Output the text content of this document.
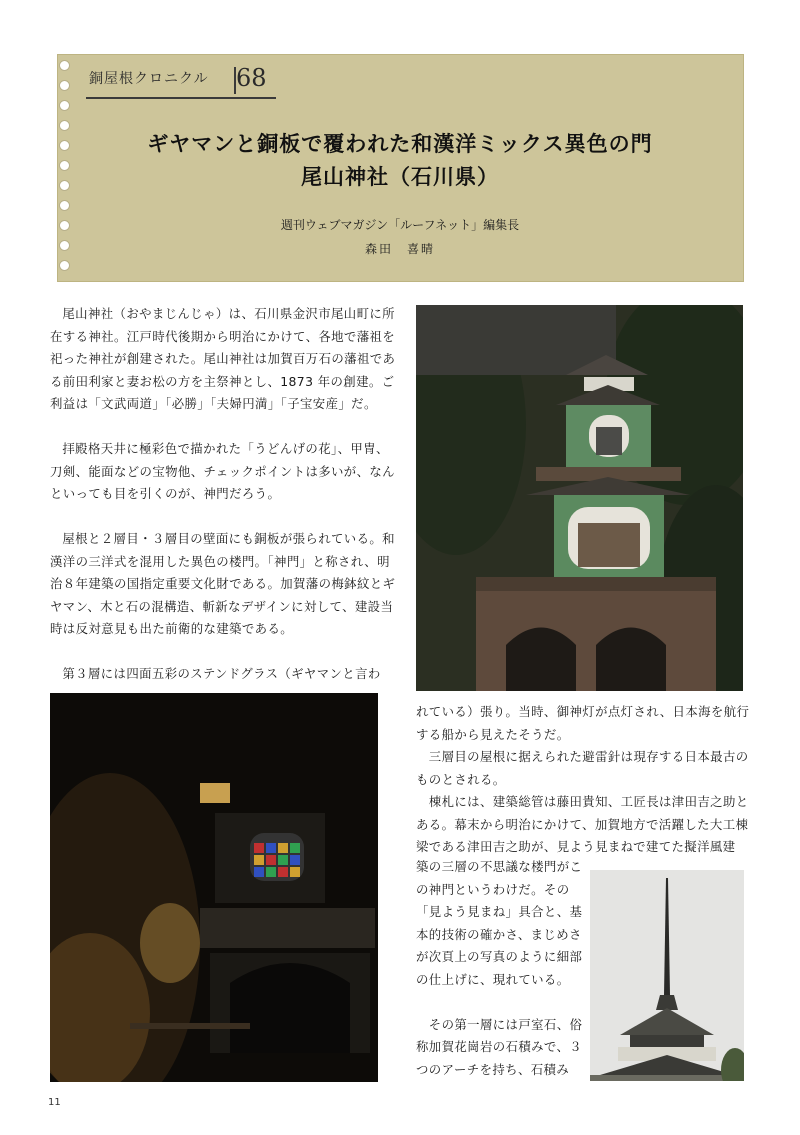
銅屋根クロニクル 68
ギヤマンと銅板で覆われた和漢洋ミックス異色の門
尾山神社（石川県）
週刊ウェブマガジン「ルーフネット」編集長
森田　喜晴

尾山神社（おやまじんじゃ）は、石川県金沢市尾山町に所在する神社。江戸時代後期から明治にかけて、各地で藩祖を祀った神社が創建された。尾山神社は加賀百万石の藩祖である前田利家と妻お松の方を主祭神とし、1873 年の創建。ご利益は「文武両道」「必勝」「夫婦円満」「子宝安産」だ。

拝殿格天井に極彩色で描かれた「うどんげの花」、甲冑、刀剣、能面などの宝物他、チェックポイントは多いが、なんといっても目を引くのが、神門だろう。

屋根と２層目・３層目の壁面にも銅板が張られている。和漢洋の三洋式を混用した異色の楼門。「神門」と称され、明治８年建築の国指定重要文化財である。加賀藩の梅鉢紋とギヤマン、木と石の混構造、斬新なデザインに対して、建設当時は反対意見も出た前衛的な建築である。

第３層には四面五彩のステンドグラス（ギヤマンと言わ

れている）張り。当時、御神灯が点灯され、日本海を航行する船から見えたそうだ。

　三層目の屋根に据えられた避雷針は現存する日本最古のものとされる。

　棟札には、建築総管は藤田貴知、工匠長は津田吉之助とある。幕末から明治にかけて、加賀地方で活躍した大工棟梁である津田吉之助が、見よう見まねで建てた擬洋風建

築の三層の不思議な楼門がこの神門というわけだ。その「見よう見まね」具合と、基本的技術の確かさ、まじめさが次頁上の写真のように細部の仕上げに、現れている。

　その第一層には戸室石、俗称加賀花崗岩の石積みで、３つのアーチを持ち、石積み

11
